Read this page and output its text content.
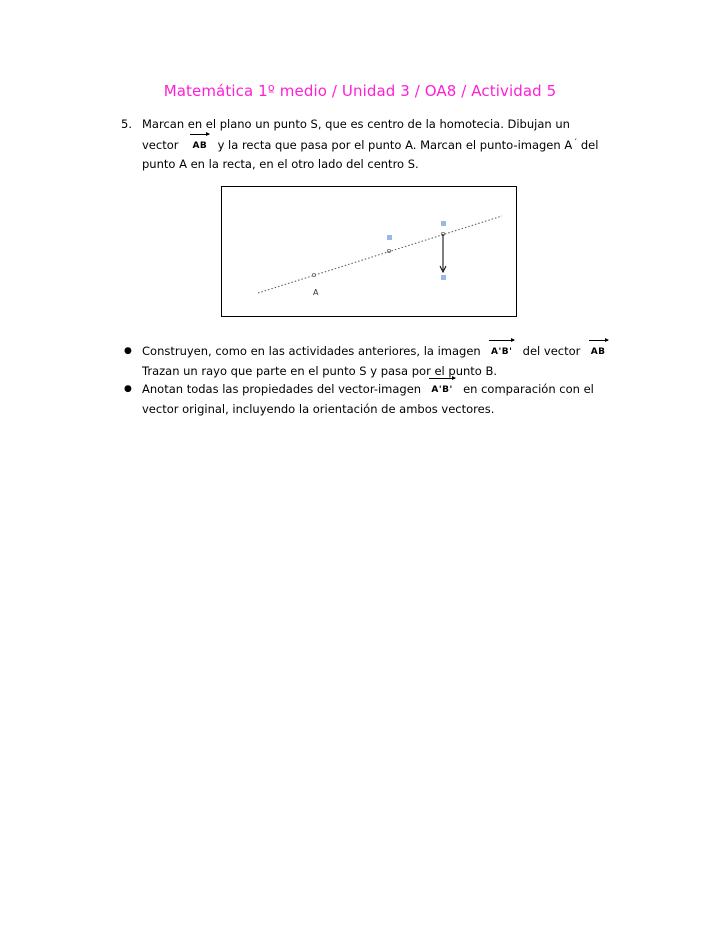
Matemática 1º medio / Unidad 3 / OA8 / Actividad 5
5. Marcan en el plano un punto S, que es centro de la homotecia. Dibujan un
vector AB y la recta que pasa por el punto A. Marcan el punto-imagen A´ del
punto A en la recta, en el otro lado del centro S.
A
● Construyen, como en las actividades anteriores, la imagen A'B' del vector AB
Trazan un rayo que parte en el punto S y pasa por el punto B.
● Anotan todas las propiedades del vector-imagen A'B' en comparación con el
vector original, incluyendo la orientación de ambos vectores.
